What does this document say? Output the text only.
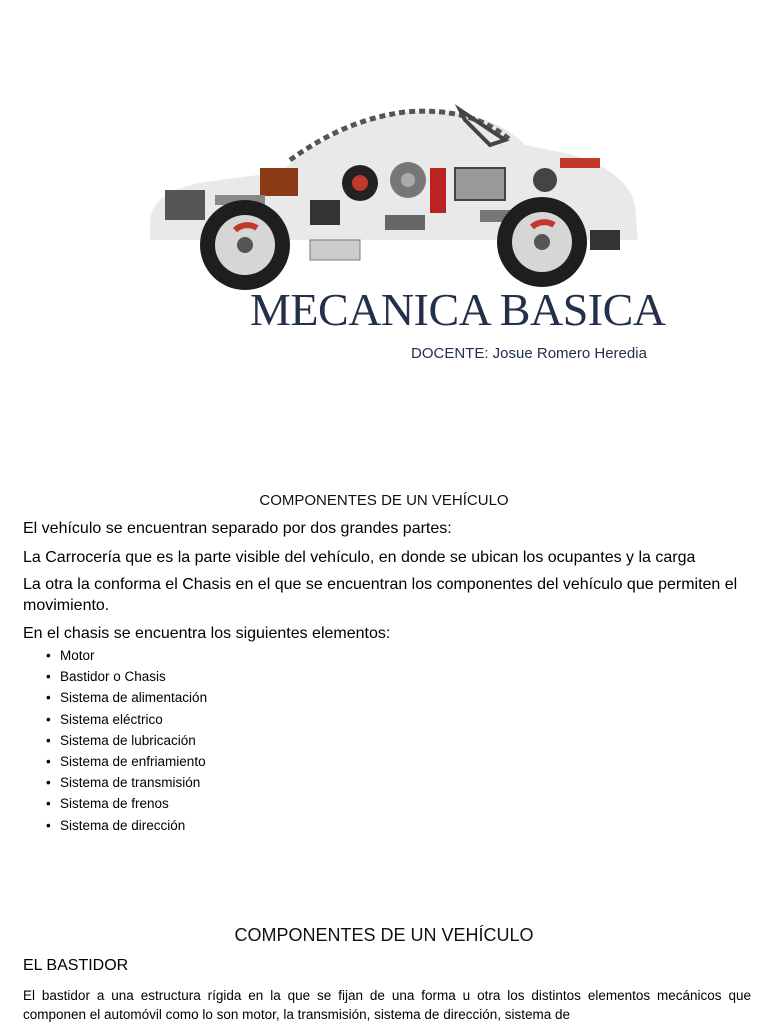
MECANICA BASICA
DOCENTE: Josue Romero Heredia
COMPONENTES DE UN VEHÍCULO
El vehículo se encuentran separado por dos grandes partes:
La Carrocería que es la parte visible del vehículo, en donde se ubican los ocupantes y la carga
La otra la conforma el Chasis en el que se encuentran los componentes del vehículo que permiten el movimiento.
En el chasis se encuentra los siguientes elementos:
• Motor
• Bastidor o Chasis
• Sistema de alimentación
• Sistema eléctrico
• Sistema de lubricación
• Sistema de enfriamiento
• Sistema de transmisión
• Sistema de frenos
• Sistema de dirección
COMPONENTES DE UN VEHÍCULO
EL BASTIDOR
El bastidor a una estructura rígida en la que se fijan de una forma u otra los distintos elementos mecánicos que componen el automóvil como lo son motor, la transmisión, sistema de dirección, sistema de
